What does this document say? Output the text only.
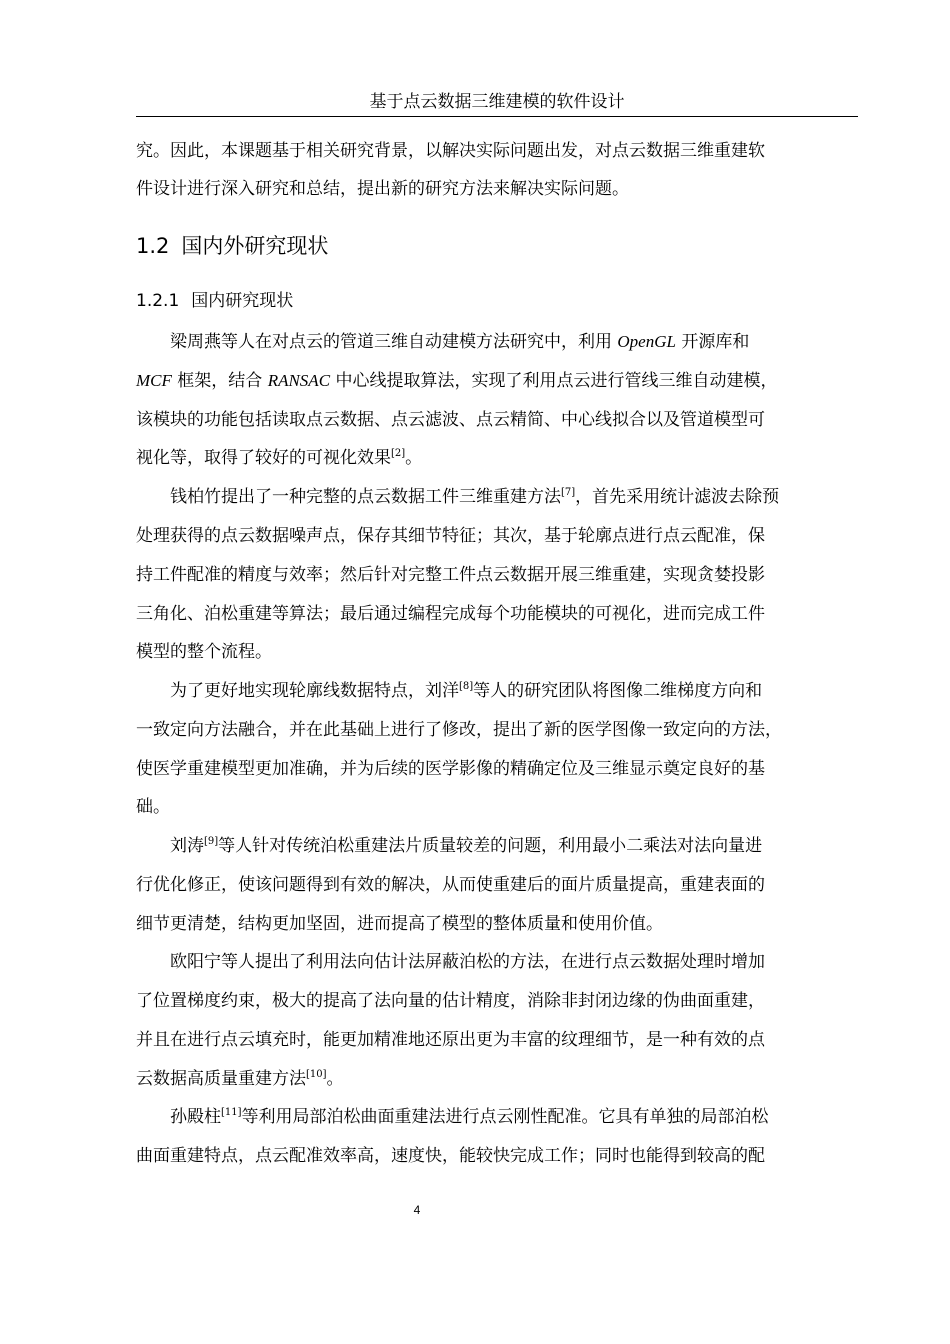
基于点云数据三维建模的软件设计
究。因此，本课题基于相关研究背景，以解决实际问题出发，对点云数据三维重建软
件设计进行深入研究和总结，提出新的研究方法来解决实际问题。
1.2 国内外研究现状
1.2.1 国内研究现状
梁周燕等人在对点云的管道三维自动建模方法研究中，利用 OpenGL 开源库和
MCF 框架，结合 RANSAC 中心线提取算法，实现了利用点云进行管线三维自动建模，
该模块的功能包括读取点云数据、点云滤波、点云精简、中心线拟合以及管道模型可
视化等，取得了较好的可视化效果[2]。
钱柏竹提出了一种完整的点云数据工件三维重建方法[7]，首先采用统计滤波去除预
处理获得的点云数据噪声点，保存其细节特征；其次，基于轮廓点进行点云配准，保
持工件配准的精度与效率；然后针对完整工件点云数据开展三维重建，实现贪婪投影
三角化、泊松重建等算法；最后通过编程完成每个功能模块的可视化，进而完成工件
模型的整个流程。
为了更好地实现轮廓线数据特点，刘洋[8]等人的研究团队将图像二维梯度方向和
一致定向方法融合，并在此基础上进行了修改，提出了新的医学图像一致定向的方法，
使医学重建模型更加准确，并为后续的医学影像的精确定位及三维显示奠定良好的基
础。
刘涛[9]等人针对传统泊松重建法片质量较差的问题，利用最小二乘法对法向量进
行优化修正，使该问题得到有效的解决，从而使重建后的面片质量提高，重建表面的
细节更清楚，结构更加坚固，进而提高了模型的整体质量和使用价值。
欧阳宁等人提出了利用法向估计法屏蔽泊松的方法，在进行点云数据处理时增加
了位置梯度约束，极大的提高了法向量的估计精度，消除非封闭边缘的伪曲面重建，
并且在进行点云填充时，能更加精准地还原出更为丰富的纹理细节，是一种有效的点
云数据高质量重建方法[10]。
孙殿柱[11]等利用局部泊松曲面重建法进行点云刚性配准。它具有单独的局部泊松
曲面重建特点，点云配准效率高，速度快，能较快完成工作；同时也能得到较高的配
4
